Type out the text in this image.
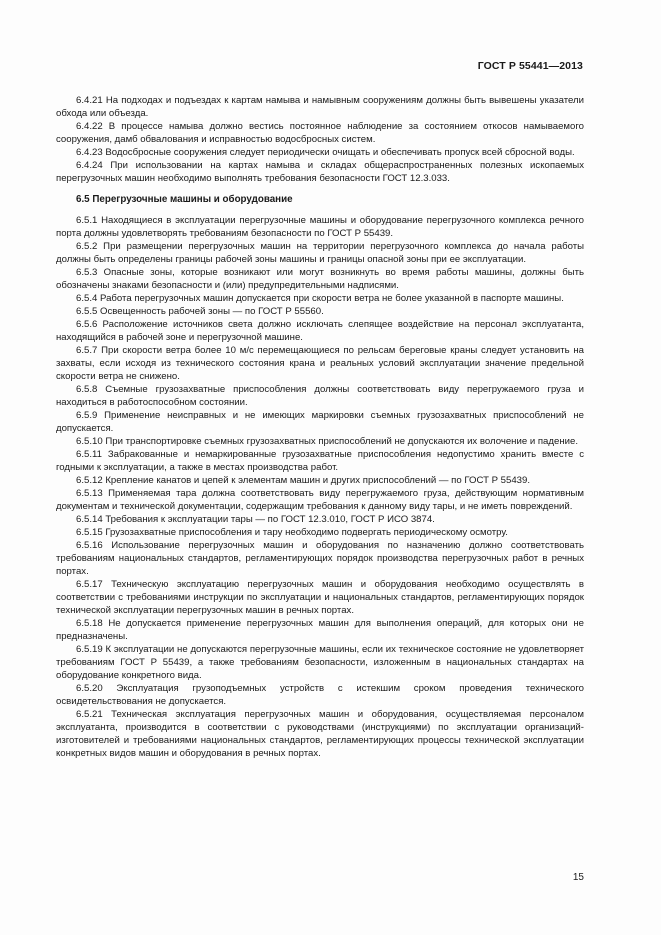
ГОСТ Р 55441—2013

6.4.21 На подходах и подъездах к картам намыва и намывным сооружениям должны быть вывешены указатели обхода или объезда.

6.4.22 В процессе намыва должно вестись постоянное наблюдение за состоянием откосов намываемого сооружения, дамб обвалования и исправностью водосбросных систем.

6.4.23 Водосбросные сооружения следует периодически очищать и обеспечивать пропуск всей сбросной воды.

6.4.24 При использовании на картах намыва и складах общераспространенных полезных ископаемых перегрузочных машин необходимо выполнять требования безопасности ГОСТ 12.3.033.

6.5 Перегрузочные машины и оборудование

6.5.1 Находящиеся в эксплуатации перегрузочные машины и оборудование перегрузочного комплекса речного порта должны удовлетворять требованиям безопасности по ГОСТ Р 55439.

6.5.2 При размещении перегрузочных машин на территории перегрузочного комплекса до начала работы должны быть определены границы рабочей зоны машины и границы опасной зоны при ее эксплуатации.

6.5.3 Опасные зоны, которые возникают или могут возникнуть во время работы машины, должны быть обозначены знаками безопасности и (или) предупредительными надписями.

6.5.4 Работа перегрузочных машин допускается при скорости ветра не более указанной в паспорте машины.

6.5.5 Освещенность рабочей зоны — по ГОСТ Р 55560.

6.5.6 Расположение источников света должно исключать слепящее воздействие на персонал эксплуатанта, находящийся в рабочей зоне и перегрузочной машине.

6.5.7 При скорости ветра более 10 м/с перемещающиеся по рельсам береговые краны следует установить на захваты, если исходя из технического состояния крана и реальных условий эксплуатации значение предельной скорости ветра не снижено.

6.5.8 Съемные грузозахватные приспособления должны соответствовать виду перегружаемого груза и находиться в работоспособном состоянии.

6.5.9 Применение неисправных и не имеющих маркировки съемных грузозахватных приспособлений не допускается.

6.5.10 При транспортировке съемных грузозахватных приспособлений не допускаются их волочение и падение.

6.5.11 Забракованные и немаркированные грузозахватные приспособления недопустимо хранить вместе с годными к эксплуатации, а также в местах производства работ.

6.5.12 Крепление канатов и цепей к элементам машин и других приспособлений — по ГОСТ Р 55439.

6.5.13 Применяемая тара должна соответствовать виду перегружаемого груза, действующим нормативным документам и технической документации, содержащим требования к данному виду тары, и не иметь повреждений.

6.5.14 Требования к эксплуатации тары — по ГОСТ 12.3.010, ГОСТ Р ИСО 3874.

6.5.15 Грузозахватные приспособления и тару необходимо подвергать периодическому осмотру.

6.5.16 Использование перегрузочных машин и оборудования по назначению должно соответствовать требованиям национальных стандартов, регламентирующих порядок производства перегрузочных работ в речных портах.

6.5.17 Техническую эксплуатацию перегрузочных машин и оборудования необходимо осуществлять в соответствии с требованиями инструкции по эксплуатации и национальных стандартов, регламентирующих порядок технической эксплуатации перегрузочных машин в речных портах.

6.5.18 Не допускается применение перегрузочных машин для выполнения операций, для которых они не предназначены.

6.5.19 К эксплуатации не допускаются перегрузочные машины, если их техническое состояние не удовлетворяет требованиям ГОСТ Р 55439, а также требованиям безопасности, изложенным в национальных стандартах на оборудование конкретного вида.

6.5.20 Эксплуатация грузоподъемных устройств с истекшим сроком проведения технического освидетельствования не допускается.

6.5.21 Техническая эксплуатация перегрузочных машин и оборудования, осуществляемая персоналом эксплуатанта, производится в соответствии с руководствами (инструкциями) по эксплуатации организаций-изготовителей и требованиями национальных стандартов, регламентирующих процессы технической эксплуатации конкретных видов машин и оборудования в речных портах.

15
